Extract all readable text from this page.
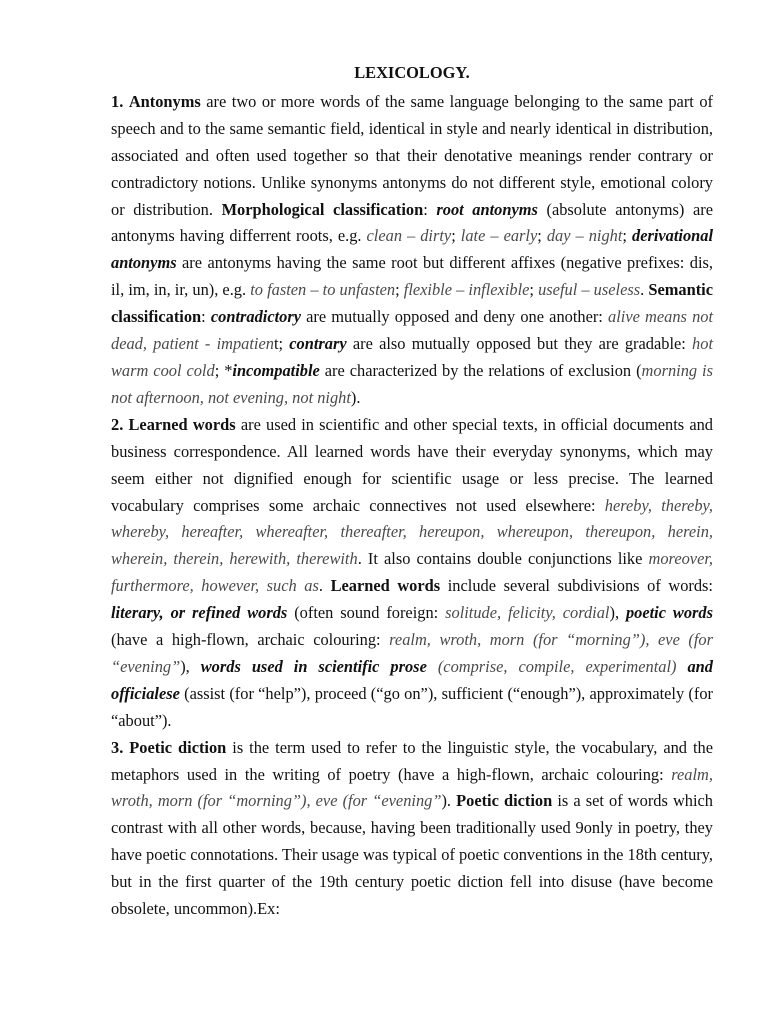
LEXICOLOGY.

1. Antonyms are two or more words of the same language belonging to the same part of speech and to the same semantic field, identical in style and nearly identical in distribution, associated and often used together so that their denotative meanings render contrary or contradictory notions. Unlike synonyms antonyms do not different style, emotional colory or distribution. Morphological classification: root antonyms (absolute antonyms) are antonyms having differrent roots, e.g. clean – dirty; late – early; day – night; derivational antonyms are antonyms having the same root but different affixes (negative prefixes: dis, il, im, in, ir, un), e.g. to fasten – to unfasten; flexible – inflexible; useful – useless. Semantic classification: contradictory are mutually opposed and deny one another: alive means not dead, patient - impatient; contrary are also mutually opposed but they are gradable: hot warm cool cold; *incompatible are characterized by the relations of exclusion (morning is not afternoon, not evening, not night).

2. Learned words are used in scientific and other special texts, in official documents and business correspondence. All learned words have their everyday synonyms, which may seem either not dignified enough for scientific usage or less precise. The learned vocabulary comprises some archaic connectives not used elsewhere: hereby, thereby, whereby, hereafter, whereafter, thereafter, hereupon, whereupon, thereupon, herein, wherein, therein, herewith, therewith. It also contains double conjunctions like moreover, furthermore, however, such as. Learned words include several subdivisions of words: literary, or refined words (often sound foreign: solitude, felicity, cordial), poetic words (have a high-flown, archaic colouring: realm, wroth, morn (for “morning”), eve (for “evening”), words used in scientific prose (comprise, compile, experimental) and officialese (assist (for “help”), proceed (“go on”), sufficient (“enough”), approximately (for “about”).

3. Poetic diction is the term used to refer to the linguistic style, the vocabulary, and the metaphors used in the writing of poetry (have a high-flown, archaic colouring: realm, wroth, morn (for “morning”), eve (for “evening”). Poetic diction is a set of words which contrast with all other words, because, having been traditionally used 9only in poetry, they have poetic connotations. Their usage was typical of poetic conventions in the 18th century, but in the first quarter of the 19th century poetic diction fell into disuse (have become obsolete, uncommon).Ex:
